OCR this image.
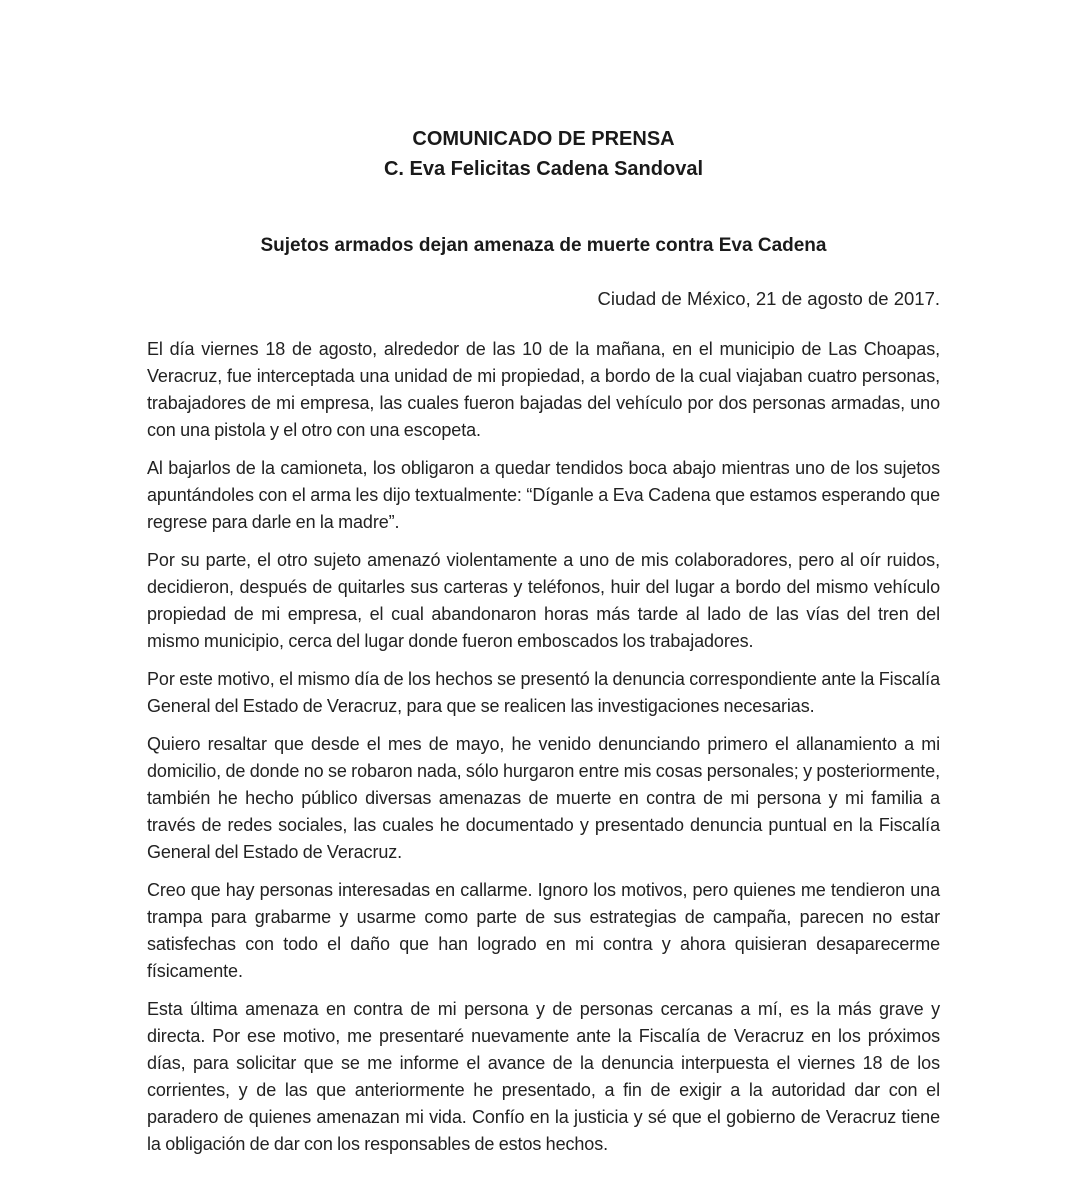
COMUNICADO DE PRENSA
C. Eva Felicitas Cadena Sandoval
Sujetos armados dejan amenaza de muerte contra Eva Cadena

Ciudad de México, 21 de agosto de 2017.

El día viernes 18 de agosto, alrededor de las 10 de la mañana, en el municipio de Las Choapas, Veracruz, fue interceptada una unidad de mi propiedad, a bordo de la cual viajaban cuatro personas, trabajadores de mi empresa, las cuales fueron bajadas del vehículo por dos personas armadas, uno con una pistola y el otro con una escopeta.

Al bajarlos de la camioneta, los obligaron a quedar tendidos boca abajo mientras uno de los sujetos apuntándoles con el arma les dijo textualmente: “Díganle a Eva Cadena que estamos esperando que regrese para darle en la madre”.

Por su parte, el otro sujeto amenazó violentamente a uno de mis colaboradores, pero al oír ruidos, decidieron, después de quitarles sus carteras y teléfonos, huir del lugar a bordo del mismo vehículo propiedad de mi empresa, el cual abandonaron horas más tarde al lado de las vías del tren del mismo municipio, cerca del lugar donde fueron emboscados los trabajadores.

Por este motivo, el mismo día de los hechos se presentó la denuncia correspondiente ante la Fiscalía General del Estado de Veracruz, para que se realicen las investigaciones necesarias.

Quiero resaltar que desde el mes de mayo, he venido denunciando primero el allanamiento a mi domicilio, de donde no se robaron nada, sólo hurgaron entre mis cosas personales; y posteriormente, también he hecho público diversas amenazas de muerte en contra de mi persona y mi familia a través de redes sociales, las cuales he documentado y presentado denuncia puntual en la Fiscalía General del Estado de Veracruz.

Creo que hay personas interesadas en callarme. Ignoro los motivos, pero quienes me tendieron una trampa para grabarme y usarme como parte de sus estrategias de campaña, parecen no estar satisfechas con todo el daño que han logrado en mi contra y ahora quisieran desaparecerme físicamente.

Esta última amenaza en contra de mi persona y de personas cercanas a mí, es la más grave y directa. Por ese motivo, me presentaré nuevamente ante la Fiscalía de Veracruz en los próximos días, para solicitar que se me informe el avance de la denuncia interpuesta el viernes 18 de los corrientes, y de las que anteriormente he presentado, a fin de exigir a la autoridad dar con el paradero de quienes amenazan mi vida. Confío en la justicia y sé que el gobierno de Veracruz tiene la obligación de dar con los responsables de estos hechos.
